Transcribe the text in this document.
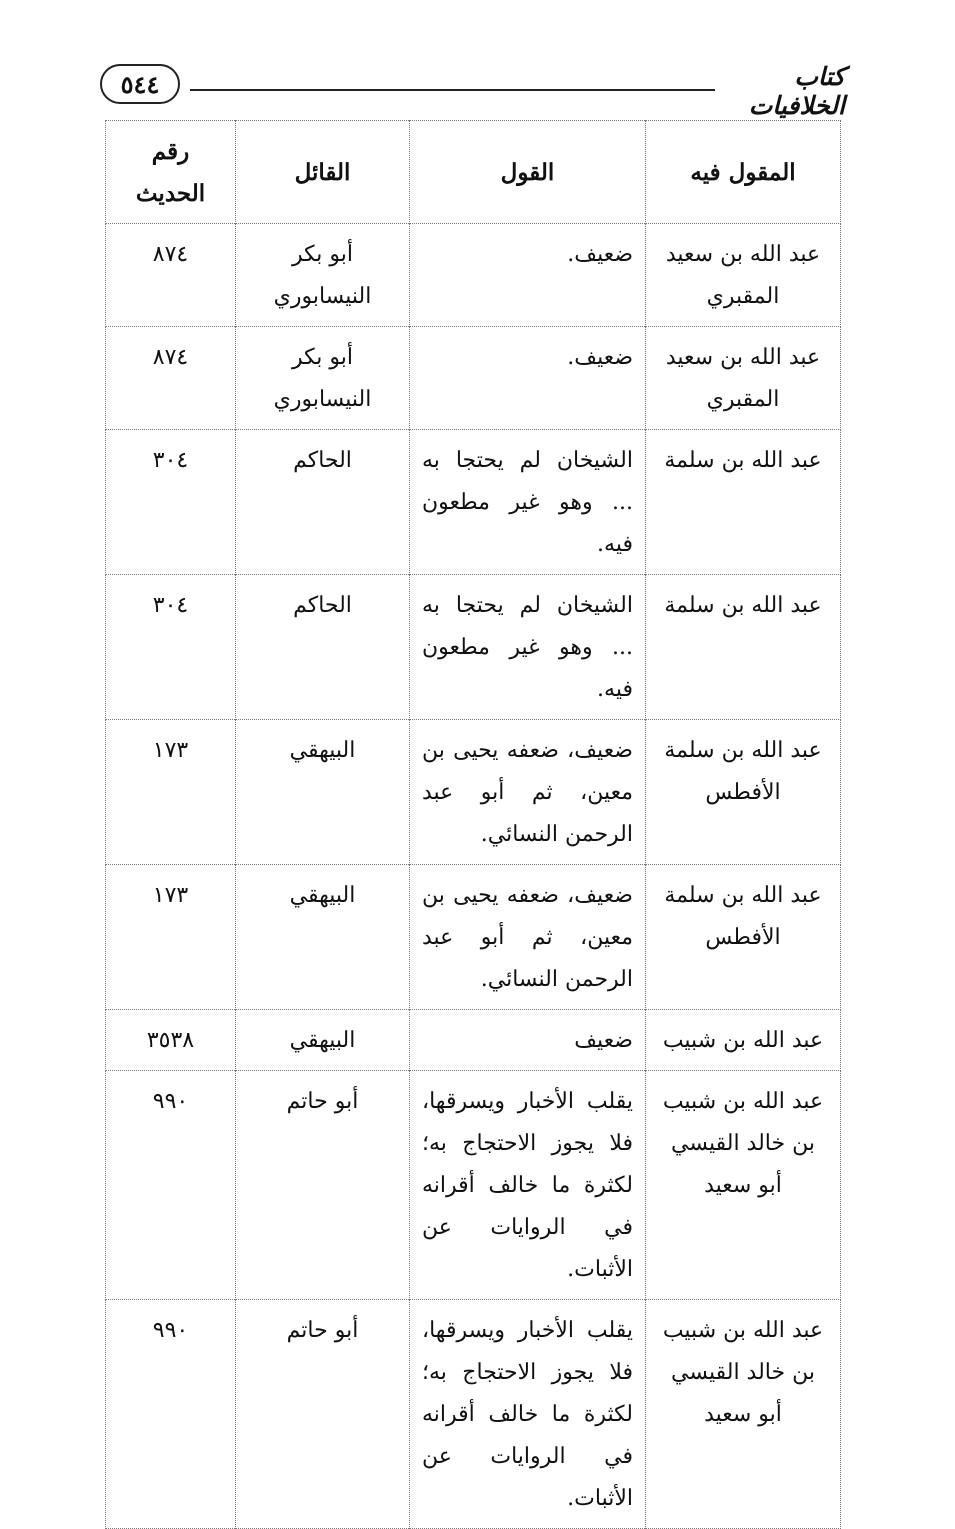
٥٤٤	كتاب الخلافيات
المقول فيه	القول	القائل	رقم الحديث
عبد الله بن سعيد المقبري	ضعيف.	أبو بكر النيسابوري	٨٧٤
عبد الله بن سعيد المقبري	ضعيف.	أبو بكر النيسابوري	٨٧٤
عبد الله بن سلمة	الشيخان لم يحتجا به ... وهو غير مطعون فيه.	الحاكم	٣٠٤
عبد الله بن سلمة	الشيخان لم يحتجا به ... وهو غير مطعون فيه.	الحاكم	٣٠٤
عبد الله بن سلمة الأفطس	ضعيف، ضعفه يحيى بن معين، ثم أبو عبد الرحمن النسائي.	البيهقي	١٧٣
عبد الله بن سلمة الأفطس	ضعيف، ضعفه يحيى بن معين، ثم أبو عبد الرحمن النسائي.	البيهقي	١٧٣
عبد الله بن شبيب	ضعيف	البيهقي	٣٥٣٨
عبد الله بن شبيب بن خالد القيسي أبو سعيد	يقلب الأخبار ويسرقها، فلا يجوز الاحتجاج به؛ لكثرة ما خالف أقرانه في الروايات عن الأثبات.	أبو حاتم	٩٩٠
عبد الله بن شبيب بن خالد القيسي أبو سعيد	يقلب الأخبار ويسرقها، فلا يجوز الاحتجاج به؛ لكثرة ما خالف أقرانه في الروايات عن الأثبات.	أبو حاتم	٩٩٠
